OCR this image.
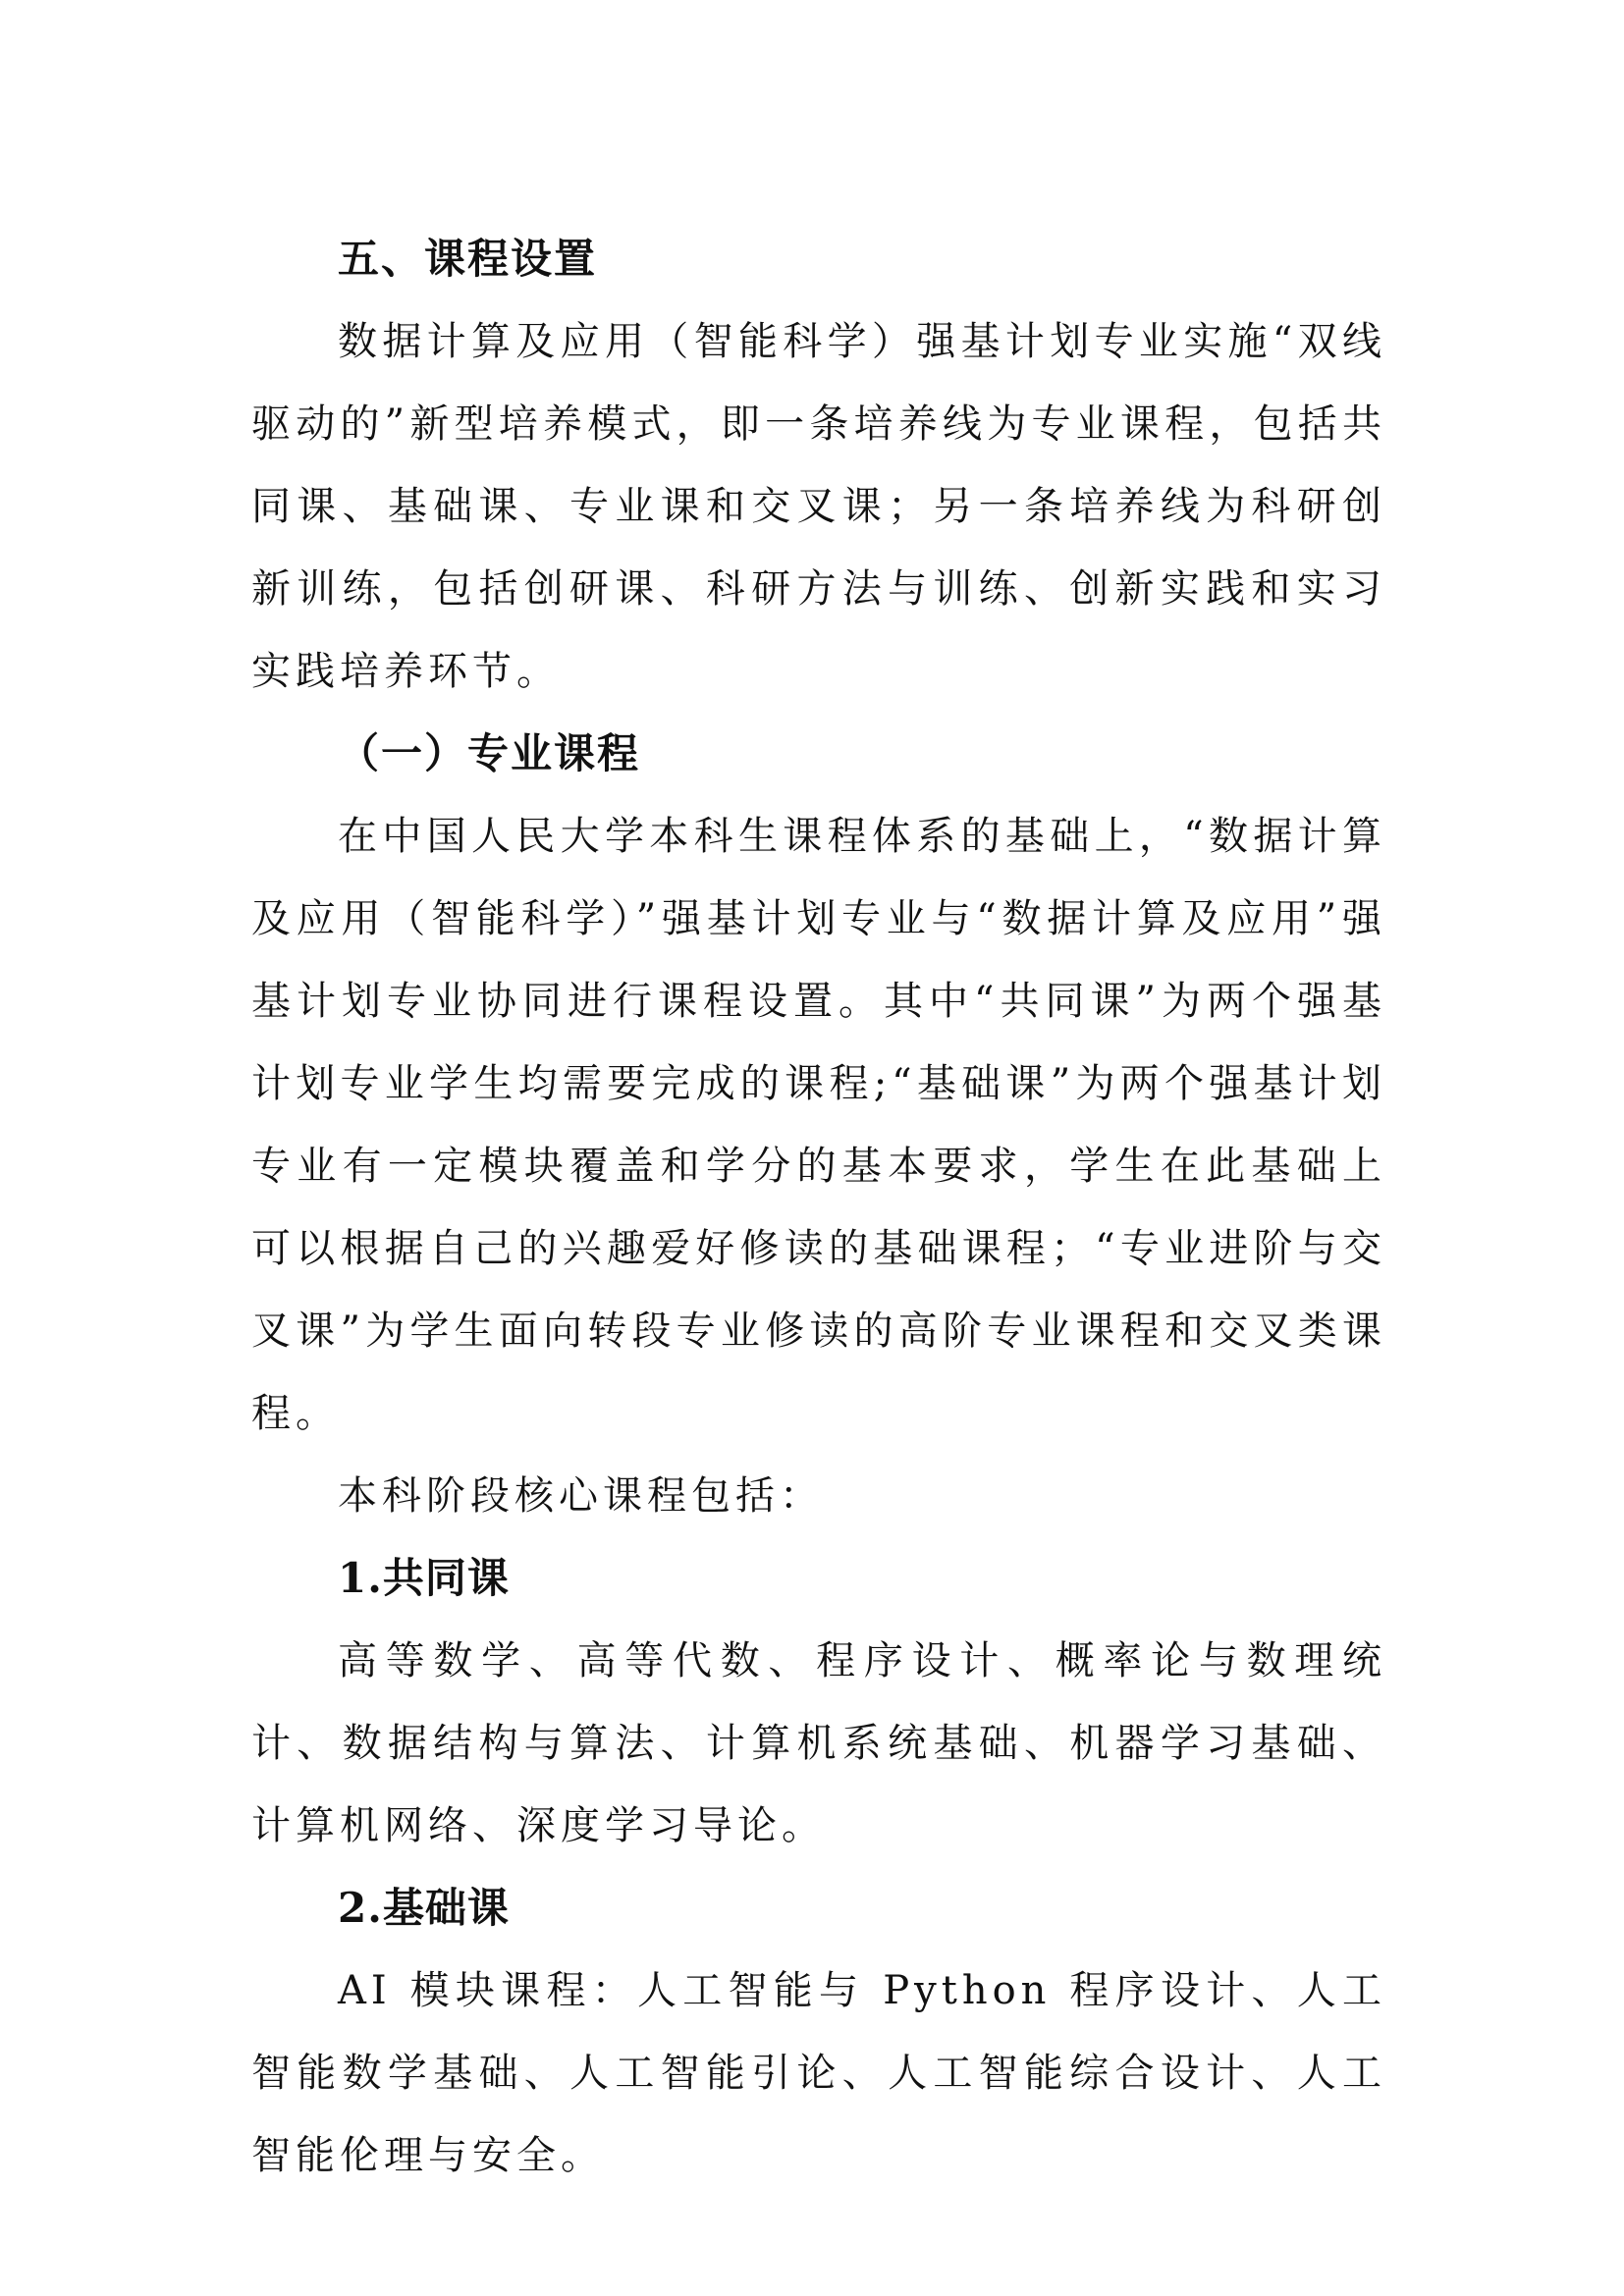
五、课程设置

数据计算及应用（智能科学）强基计划专业实施“双线驱动的”新型培养模式，即一条培养线为专业课程，包括共同课、基础课、专业课和交叉课；另一条培养线为科研创新训练，包括创研课、科研方法与训练、创新实践和实习实践培养环节。

（一）专业课程

在中国人民大学本科生课程体系的基础上，“数据计算及应用（智能科学）”强基计划专业与“数据计算及应用”强基计划专业协同进行课程设置。其中“共同课”为两个强基计划专业学生均需要完成的课程;“基础课”为两个强基计划专业有一定模块覆盖和学分的基本要求，学生在此基础上可以根据自己的兴趣爱好修读的基础课程；“专业进阶与交叉课”为学生面向转段专业修读的高阶专业课程和交叉类课程。

本科阶段核心课程包括：

1.共同课

高等数学、高等代数、程序设计、概率论与数理统计、数据结构与算法、计算机系统基础、机器学习基础、计算机网络、深度学习导论。

2.基础课

AI 模块课程：人工智能与 Python 程序设计、人工智能数学基础、人工智能引论、人工智能综合设计、人工智能伦理与安全。
